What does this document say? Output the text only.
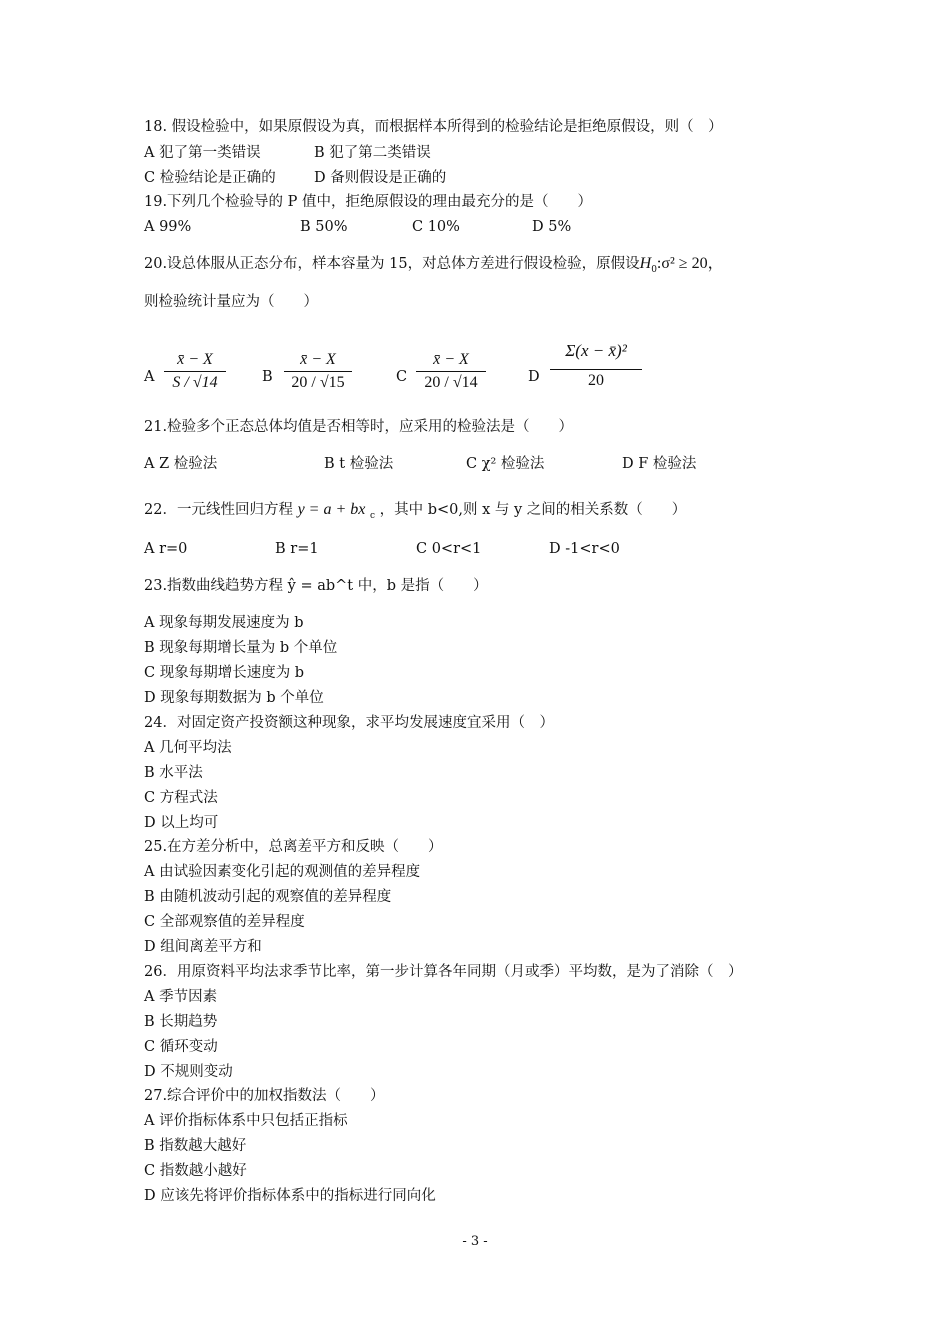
18. 假设检验中，如果原假设为真，而根据样本所得到的检验结论是拒绝原假设，则（　）
A 犯了第一类错误	B 犯了第二类错误
C 检验结论是正确的	D 备则假设是正确的
19.下列几个检验导的 P 值中，拒绝原假设的理由最充分的是（　　）
A 99%	B 50%	C 10%	D 5%
20.设总体服从正态分布，样本容量为 15，对总体方差进行假设检验，原假设$H_0:\sigma^2 \ge 20$，
则检验统计量应为（　　）
A
x̄ − X
S / √14	B
x̄ − X
20 / √15	C
x̄ − X
20 / √14	D
Σ(x − x̄)²
20
21.检验多个正态总体均值是否相等时，应采用的检验法是（　　）
A Z 检验法	B t 检验法	C χ² 检验法	D F 检验法
22．一元线性回归方程 y = a + bx $_c$ ，其中 b<0,则 x 与 y 之间的相关系数（　　）
A r=0	B r=1	C 0<r<1	D -1<r<0
23.指数曲线趋势方程 ŷ = ab^t 中，b 是指（　　）
A 现象每期发展速度为 b
B 现象每期增长量为 b 个单位
C 现象每期增长速度为 b
D 现象每期数据为 b 个单位
24．对固定资产投资额这种现象，求平均发展速度宜采用（　）
A 几何平均法
B 水平法
C 方程式法
D 以上均可
25.在方差分析中，总离差平方和反映（　　）
A 由试验因素变化引起的观测值的差异程度
B 由随机波动引起的观察值的差异程度
C 全部观察值的差异程度
D 组间离差平方和
26．用原资料平均法求季节比率，第一步计算各年同期（月或季）平均数，是为了消除（　）
A 季节因素
B 长期趋势
C 循环变动
D 不规则变动
27.综合评价中的加权指数法（　　）
A 评价指标体系中只包括正指标
B 指数越大越好
C 指数越小越好
D 应该先将评价指标体系中的指标进行同向化
- 3 -
